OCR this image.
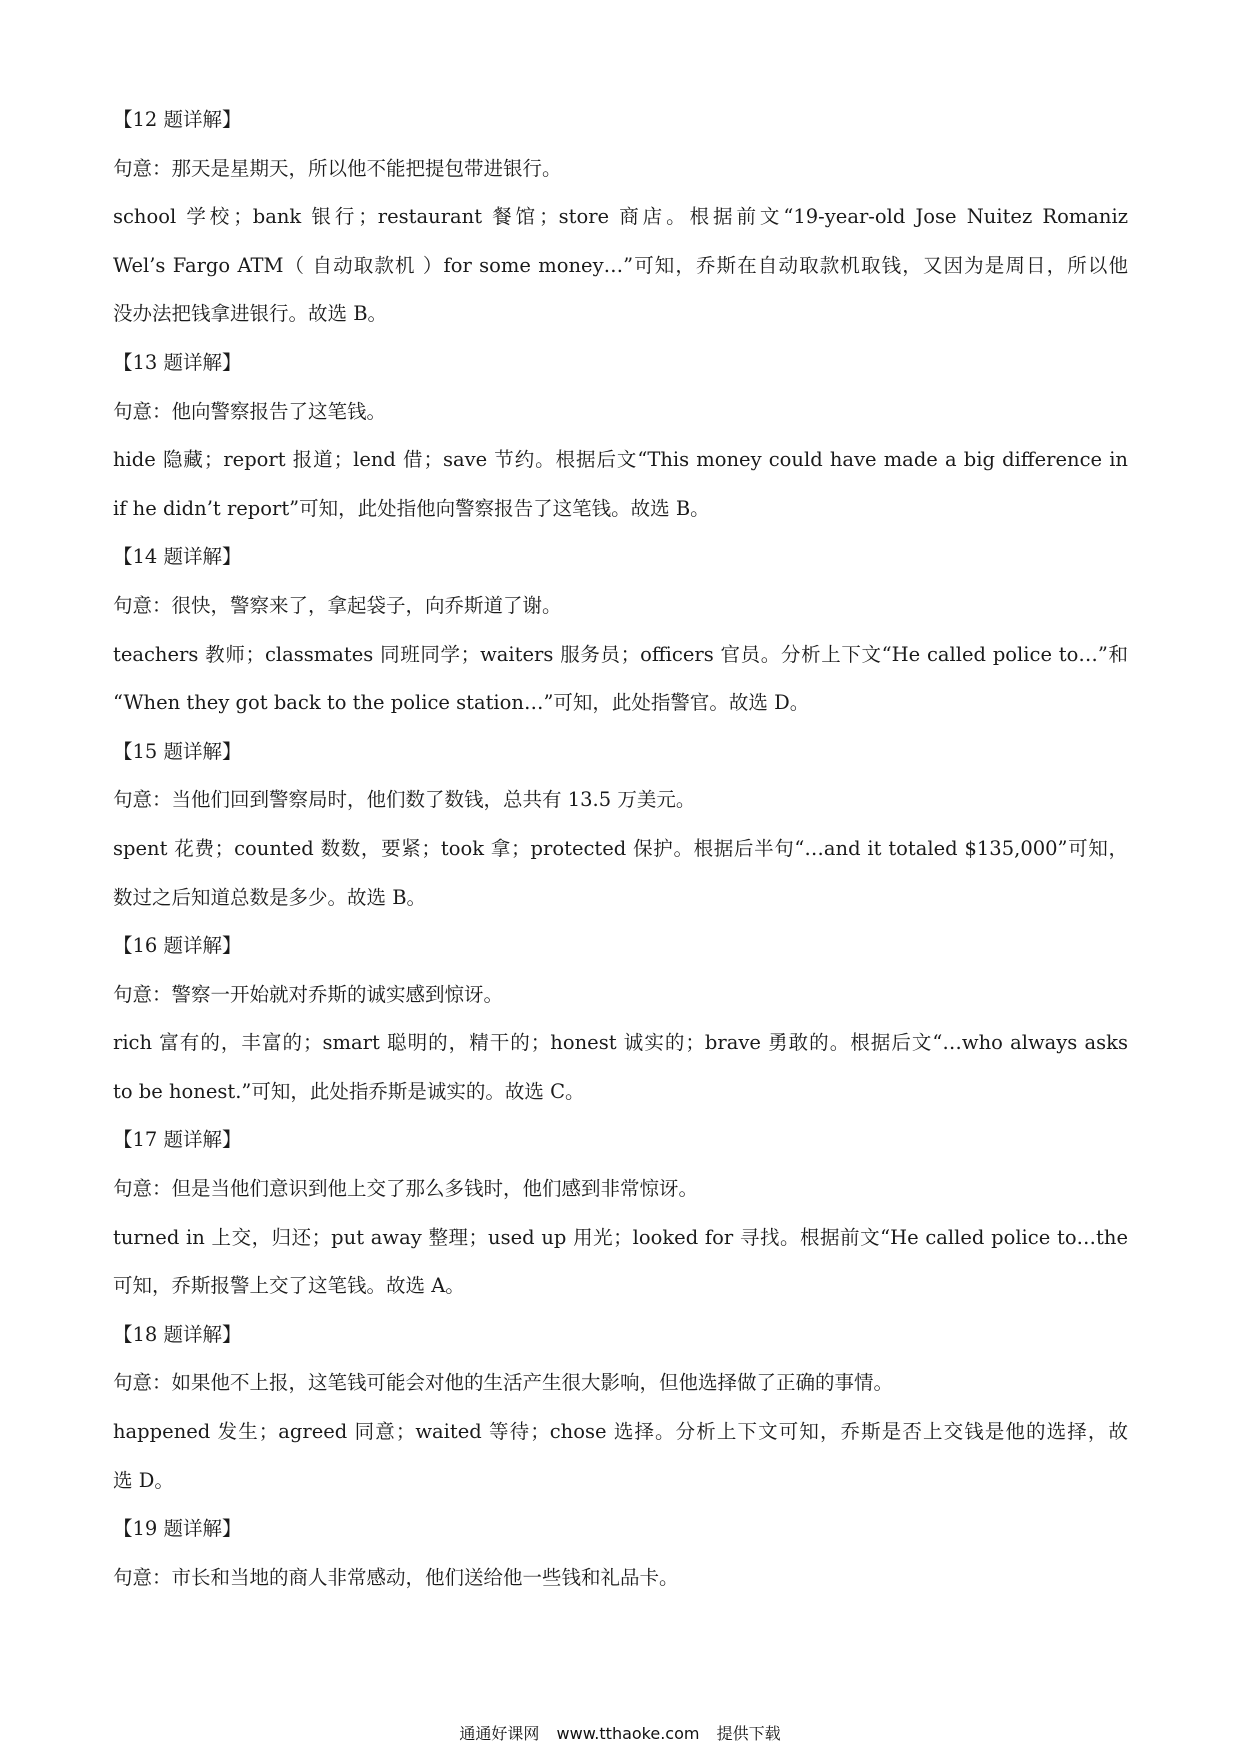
【12 题详解】
句意：那天是星期天，所以他不能把提包带进银行。
school 学校；bank 银行；restaurant 餐馆；store 商店。根据前文“19-year-old Jose Nuitez Romaniz
Wel’s Fargo ATM（ 自动取款机 ）for some money…”可知，乔斯在自动取款机取钱，又因为是周日，所以他
没办法把钱拿进银行。故选 B。
【13 题详解】
句意：他向警察报告了这笔钱。
hide 隐藏；report 报道；lend 借；save 节约。根据后文“This money could have made a big difference in
if he didn’t report”可知，此处指他向警察报告了这笔钱。故选 B。
【14 题详解】
句意：很快，警察来了，拿起袋子，向乔斯道了谢。
teachers 教师；classmates 同班同学；waiters 服务员；officers 官员。分析上下文“He called police to…”和
“When they got back to the police station…”可知，此处指警官。故选 D。
【15 题详解】
句意：当他们回到警察局时，他们数了数钱，总共有 13.5 万美元。
spent 花费；counted 数数，要紧；took 拿；protected 保护。根据后半句“…and it totaled $135,000”可知，
数过之后知道总数是多少。故选 B。
【16 题详解】
句意：警察一开始就对乔斯的诚实感到惊讶。
rich 富有的，丰富的；smart 聪明的，精干的；honest 诚实的；brave 勇敢的。根据后文“…who always asks
to be honest.”可知，此处指乔斯是诚实的。故选 C。
【17 题详解】
句意：但是当他们意识到他上交了那么多钱时，他们感到非常惊讶。
turned in 上交，归还；put away 整理；used up 用光；looked for 寻找。根据前文“He called police to…the
可知，乔斯报警上交了这笔钱。故选 A。
【18 题详解】
句意：如果他不上报，这笔钱可能会对他的生活产生很大影响，但他选择做了正确的事情。
happened 发生；agreed 同意；waited 等待；chose 选择。分析上下文可知，乔斯是否上交钱是他的选择，故
选 D。
【19 题详解】
句意：市长和当地的商人非常感动，他们送给他一些钱和礼品卡。
通通好课网 www.tthaoke.com 提供下载
